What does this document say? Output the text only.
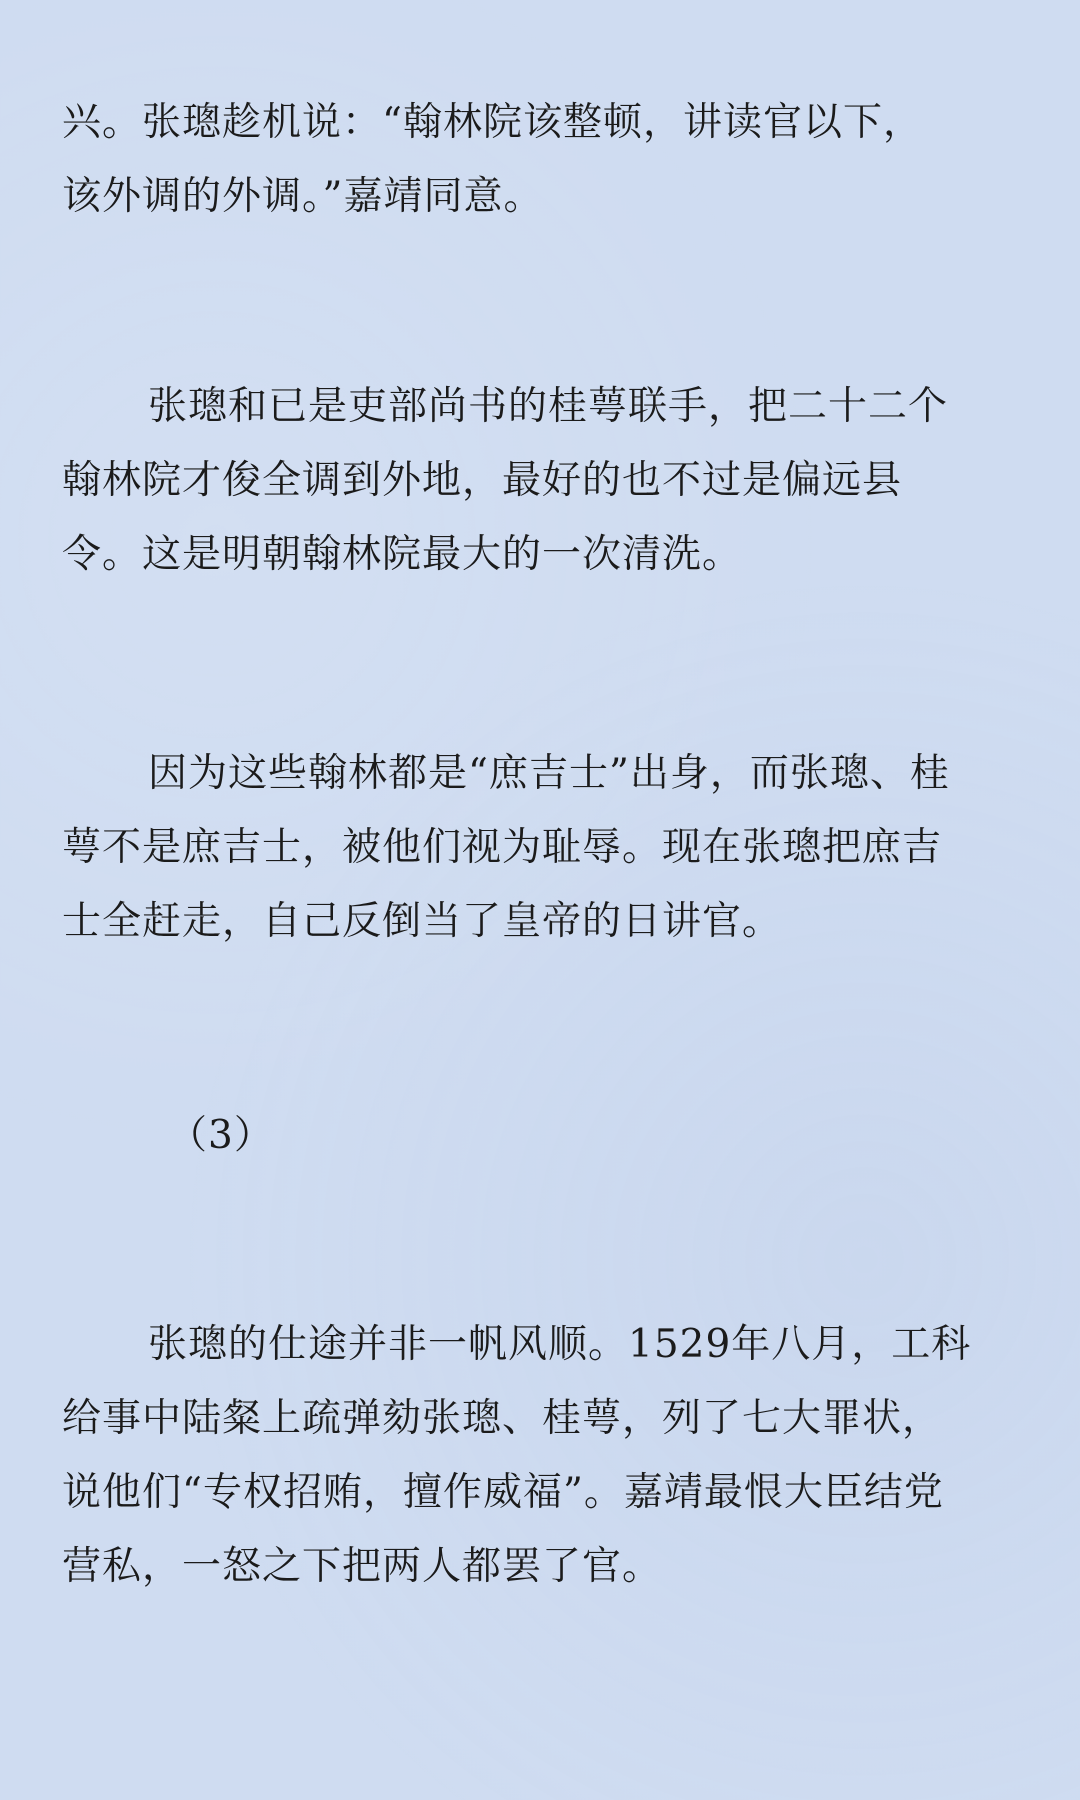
兴。张璁趁机说：“翰林院该整顿，讲读官以下，
该外调的外调。”嘉靖同意。

张璁和已是吏部尚书的桂萼联手，把二十二个
翰林院才俊全调到外地，最好的也不过是偏远县
令。这是明朝翰林院最大的一次清洗。

因为这些翰林都是“庶吉士”出身，而张璁、桂
萼不是庶吉士，被他们视为耻辱。现在张璁把庶吉
士全赶走，自己反倒当了皇帝的日讲官。

（3）

张璁的仕途并非一帆风顺。1529年八月，工科
给事中陆粲上疏弹劾张璁、桂萼，列了七大罪状，
说他们“专权招贿，擅作威福”。嘉靖最恨大臣结党
营私，一怒之下把两人都罢了官。
